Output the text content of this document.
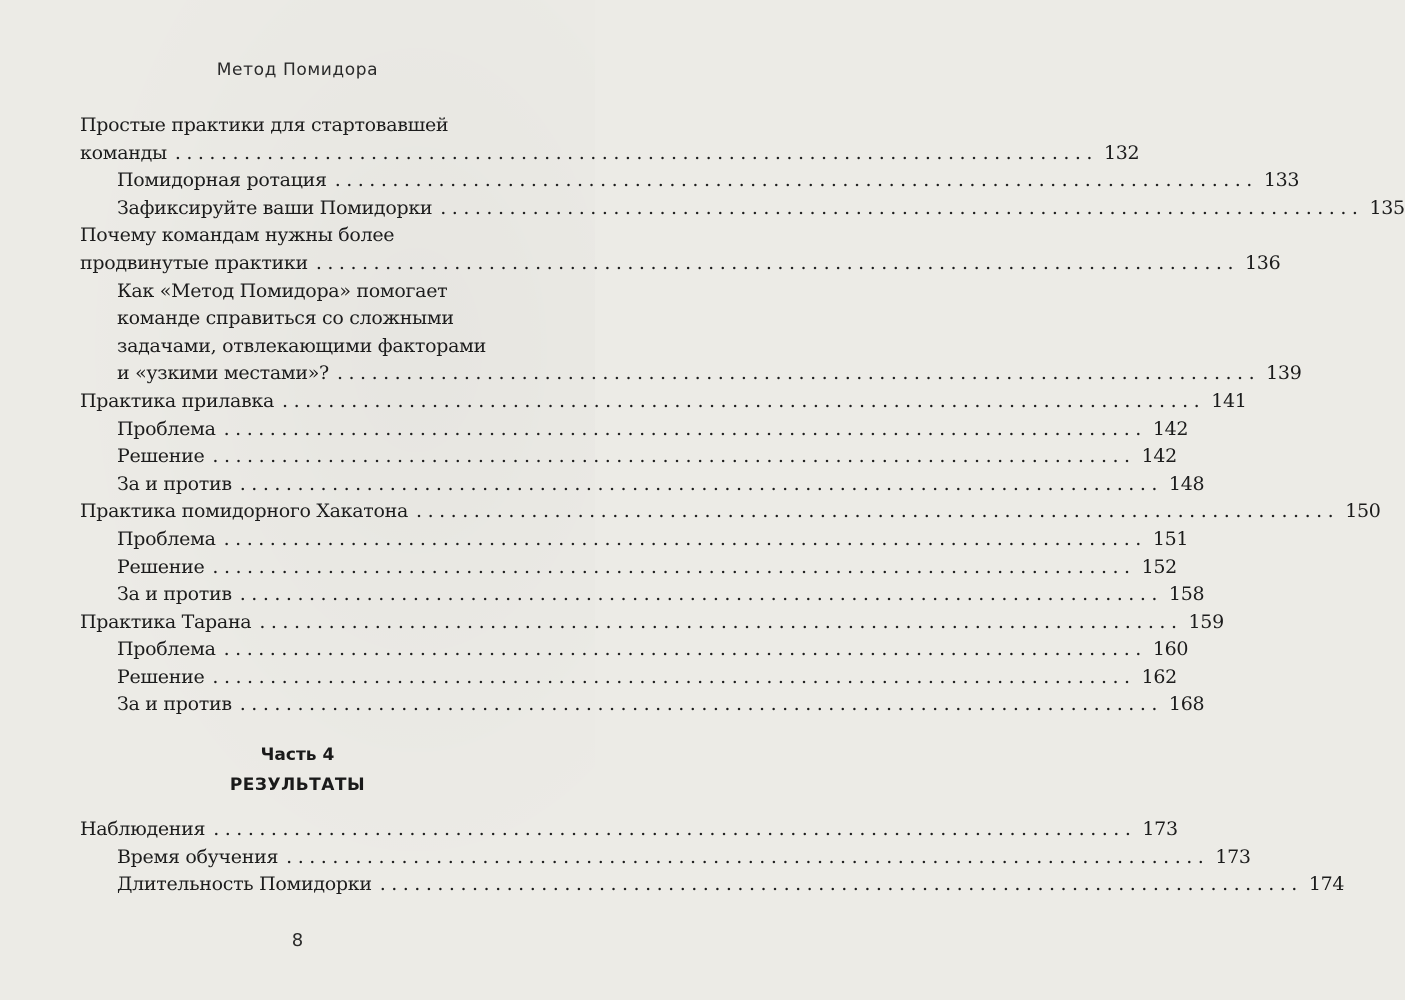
Метод Помидора
Простые практики для стартовавшей
команды ................................................................................ 132
Помидорная ротация ................................................................................ 133
Зафиксируйте ваши Помидорки ................................................................................ 135
Почему командам нужны более
продвинутые практики ................................................................................ 136
Как «Метод Помидора» помогает
команде справиться со сложными
задачами, отвлекающими факторами
и «узкими местами»? ................................................................................ 139
Практика прилавка ................................................................................ 141
Проблема ................................................................................ 142
Решение ................................................................................ 142
За и против ................................................................................ 148
Практика помидорного Хакатона ................................................................................ 150
Проблема ................................................................................ 151
Решение ................................................................................ 152
За и против ................................................................................ 158
Практика Тарана ................................................................................ 159
Проблема ................................................................................ 160
Решение ................................................................................ 162
За и против ................................................................................ 168
Часть 4
РЕЗУЛЬТАТЫ
Наблюдения ................................................................................ 173
Время обучения ................................................................................ 173
Длительность Помидорки ................................................................................ 174
8
